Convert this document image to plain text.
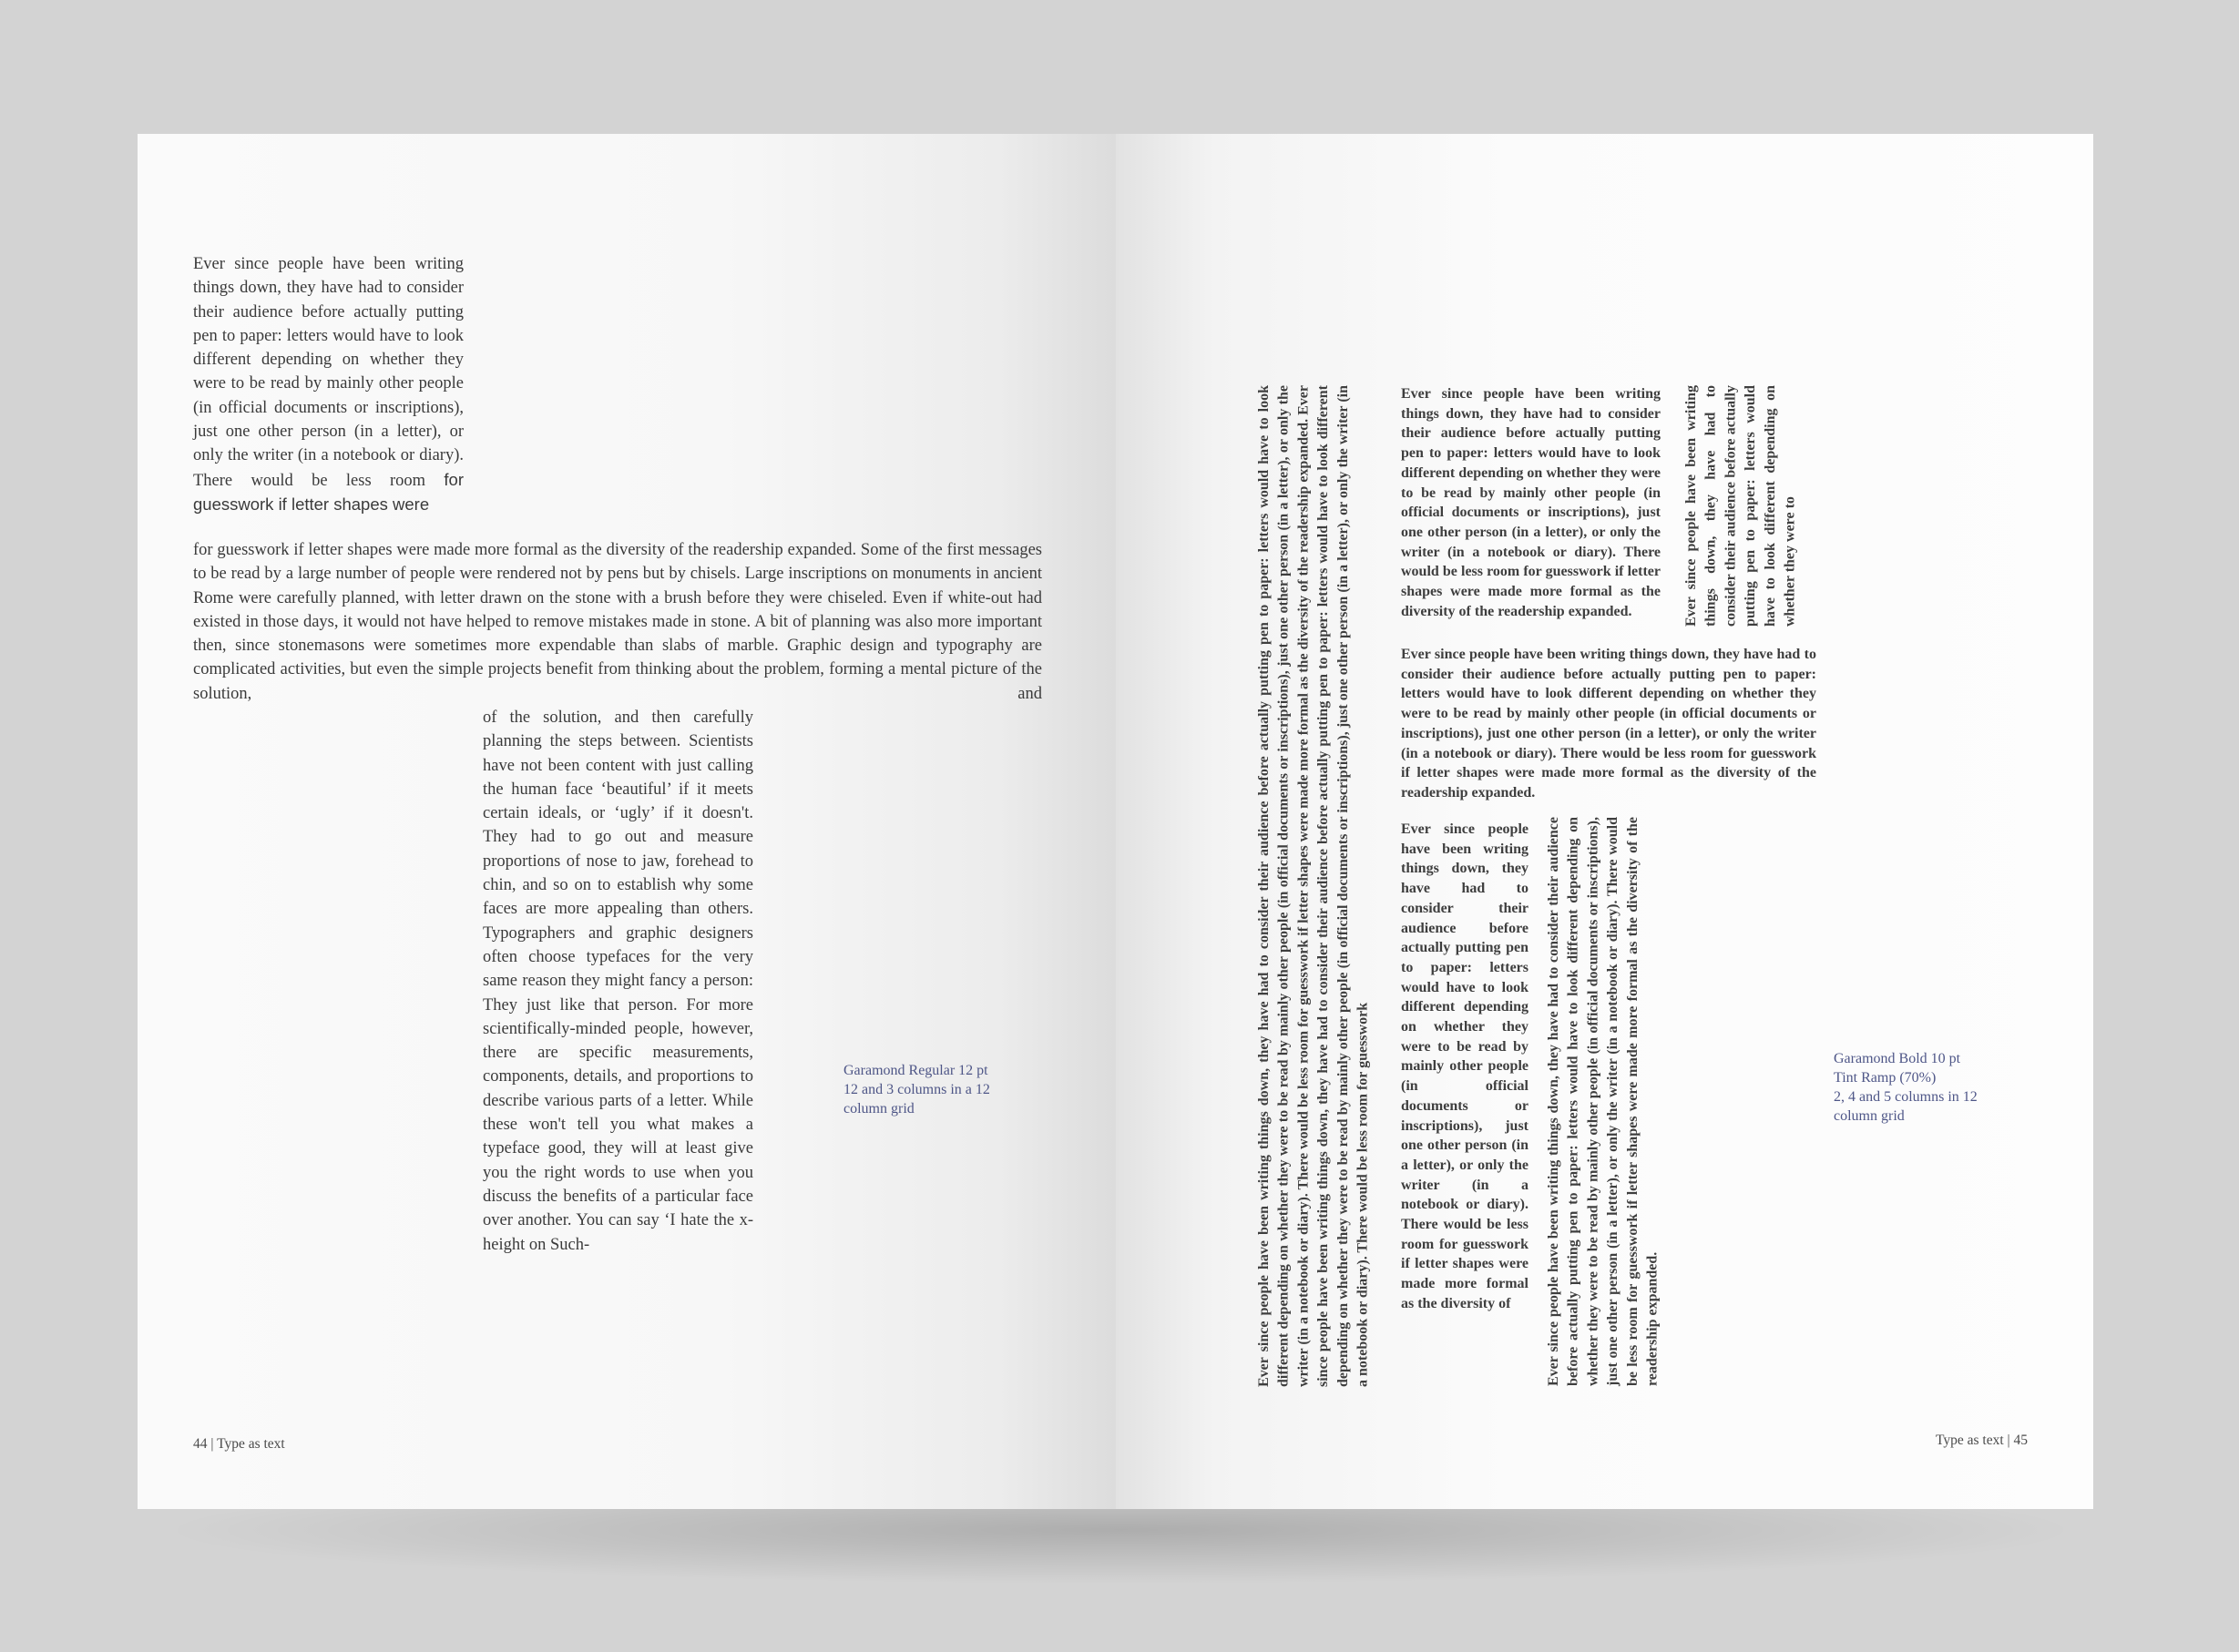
Ever since people have been writing things down, they have had to consider their audience before actually putting pen to paper: letters would have to look different depending on whether they were to be read by mainly other people (in official documents or inscriptions), just one other person (in a letter), or only the writer (in a notebook or diary). There would be less room for guesswork if letter shapes were

for guesswork if letter shapes were made more formal as the diversity of the readership expanded. Some of the first messages to be read by a large number of people were rendered not by pens but by chisels. Large inscriptions on monuments in ancient Rome were carefully planned, with letter drawn on the stone with a brush before they were chiseled. Even if white-out had existed in those days, it would not have helped to remove mistakes made in stone. A bit of planning was also more important then, since stonemasons were sometimes more expendable than slabs of marble. Graphic design and typography are complicated activities, but even the simple projects benefit from thinking about the problem, forming a mental picture of the solution, and

of the solution, and then carefully planning the steps between. Scientists have not been content with just calling the human face ‘beautiful’ if it meets certain ideals, or ‘ugly’ if it doesn't. They had to go out and measure proportions of nose to jaw, forehead to chin, and so on to establish why some faces are more appealing than others. Typographers and graphic designers often choose typefaces for the very same reason they might fancy a person: They just like that person. For more scientifically-minded people, however, there are specific measurements, components, details, and proportions to describe various parts of a letter. While these won't tell you what makes a typeface good, they will at least give you the right words to use when you discuss the benefits of a particular face over another. You can say ‘I hate the x-height on Such-

Garamond Regular 12 pt
12 and 3 columns in a 12
column grid

44 | Type as text

Ever since people have been writing things down, they have had to consider their audience before actually putting pen to paper: letters would have to look different depending on whether they were to be read by mainly other people (in official documents or inscriptions), just one other person (in a letter), or only the writer (in a notebook or diary). There would be less room for guesswork if letter shapes were made more formal as the diversity of the readership expanded. Ever since people have been writing things down, they have had to consider their audience before actually putting pen to paper: letters would have to look different depending on whether they were to be read by mainly other people (in official documents or inscriptions), just one other person (in a letter), or only the writer (in a notebook or diary). There would be less room for guesswork

Ever since people have been writing things down, they have had to consider their audience before actually putting pen to paper: letters would have to look different depending on whether they were to be read by mainly other people (in official documents or inscriptions), just one other person (in a letter), or only the writer (in a notebook or diary). There would be less room for guesswork if letter shapes were made more formal as the diversity of the readership expanded.	Ever since people have been writing things down, they have had to consider their audience before actually putting pen to paper: letters would have to look different depending on whether they were to

Ever since people have been writing things down, they have had to consider their audience before actually putting pen to paper: letters would have to look different depending on whether they were to be read by mainly other people (in official documents or inscriptions), just one other person (in a letter), or only the writer (in a notebook or diary). There would be less room for guesswork if letter shapes were made more formal as the diversity of the readership expanded.

Ever since people have been writing things down, they have had to consider their audience before actually putting pen to paper: letters would have to look different depending on whether they were to be read by mainly other people (in official documents or inscriptions), just one other person (in a letter), or only the writer (in a notebook or diary). There would be less room for guesswork if letter shapes were made more formal as the diversity of	Ever since people have been writing things down, they have had to consider their audience before actually putting pen to paper: letters would have to look different depending on whether they were to be read by mainly other people (in official documents or inscriptions), just one other person (in a letter), or only the writer (in a notebook or diary). There would be less room for guesswork if letter shapes were made more formal as the diversity of the readership expanded.

Garamond Bold 10 pt
Tint Ramp (70%)
2, 4 and 5 columns in 12
column grid

Type as text | 45
